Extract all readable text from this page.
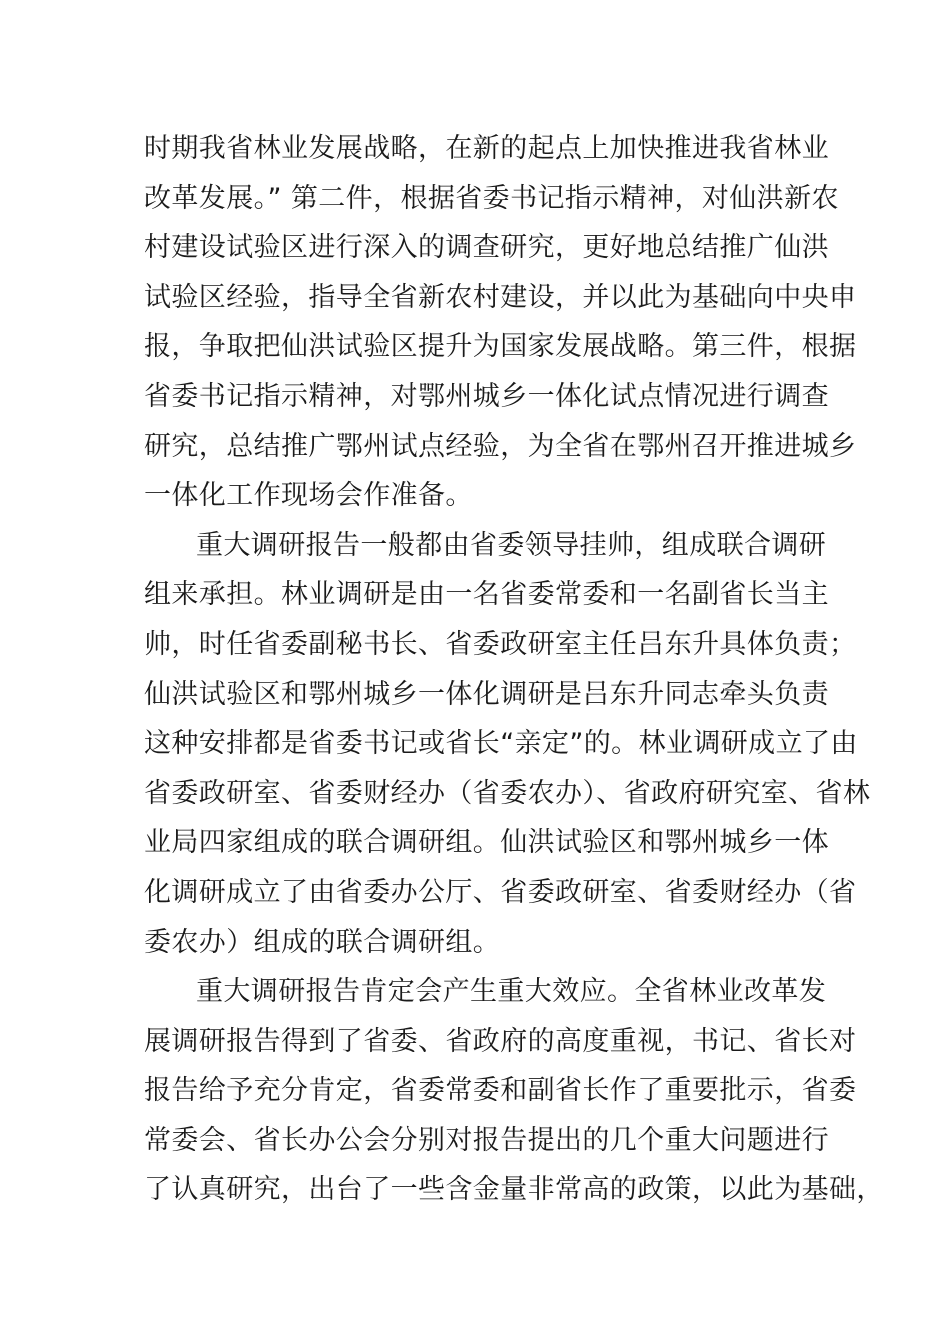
时期我省林业发展战略，在新的起点上加快推进我省林业
改革发展。” 第二件，根据省委书记指示精神，对仙洪新农
村建设试验区进行深入的调查研究，更好地总结推广仙洪
试验区经验，指导全省新农村建设，并以此为基础向中央申
报，争取把仙洪试验区提升为国家发展战略。第三件，根据
省委书记指示精神，对鄂州城乡一体化试点情况进行调查
研究，总结推广鄂州试点经验，为全省在鄂州召开推进城乡
一体化工作现场会作准备。
重大调研报告一般都由省委领导挂帅，组成联合调研
组来承担。林业调研是由一名省委常委和一名副省长当主
帅，时任省委副秘书长、省委政研室主任吕东升具体负责；
仙洪试验区和鄂州城乡一体化调研是吕东升同志牵头负责
这种安排都是省委书记或省长“亲定”的。林业调研成立了由
省委政研室、省委财经办（省委农办）、省政府研究室、省林
业局四家组成的联合调研组。仙洪试验区和鄂州城乡一体
化调研成立了由省委办公厅、省委政研室、省委财经办（省
委农办）组成的联合调研组。
重大调研报告肯定会产生重大效应。全省林业改革发
展调研报告得到了省委、省政府的高度重视，书记、省长对
报告给予充分肯定，省委常委和副省长作了重要批示，省委
常委会、省长办公会分别对报告提出的几个重大问题进行
了认真研究，出台了一些含金量非常高的政策，以此为基础，
